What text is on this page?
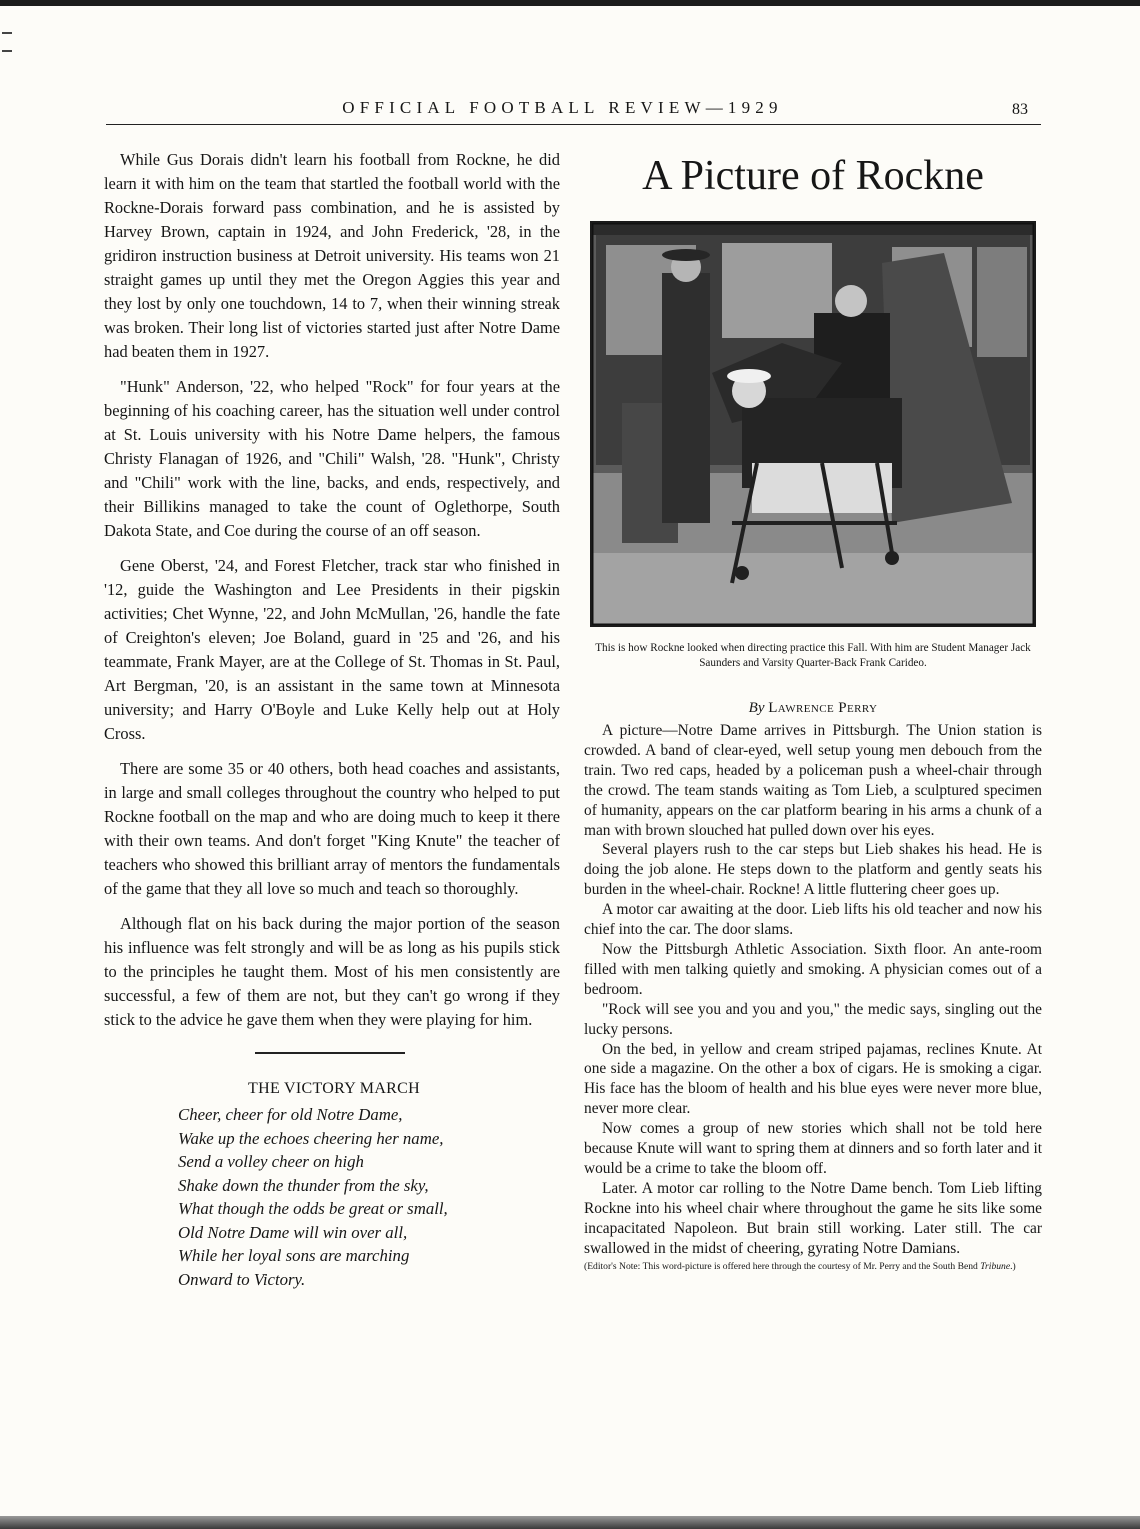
OFFICIAL FOOTBALL REVIEW—1929	83

While Gus Dorais didn't learn his football from Rockne, he did learn it with him on the team that startled the football world with the Rockne-Dorais forward pass combination, and he is assisted by Harvey Brown, captain in 1924, and John Frederick, '28, in the gridiron instruction business at Detroit university. His teams won 21 straight games up until they met the Oregon Aggies this year and they lost by only one touchdown, 14 to 7, when their winning streak was broken. Their long list of victories started just after Notre Dame had beaten them in 1927.

"Hunk" Anderson, '22, who helped "Rock" for four years at the beginning of his coaching career, has the situation well under control at St. Louis university with his Notre Dame helpers, the famous Christy Flanagan of 1926, and "Chili" Walsh, '28. "Hunk", Christy and "Chili" work with the line, backs, and ends, respectively, and their Billikins managed to take the count of Oglethorpe, South Dakota State, and Coe during the course of an off season.

Gene Oberst, '24, and Forest Fletcher, track star who finished in '12, guide the Washington and Lee Presidents in their pigskin activities; Chet Wynne, '22, and John McMullan, '26, handle the fate of Creighton's eleven; Joe Boland, guard in '25 and '26, and his teammate, Frank Mayer, are at the College of St. Thomas in St. Paul, Art Bergman, '20, is an assistant in the same town at Minnesota university; and Harry O'Boyle and Luke Kelly help out at Holy Cross.

There are some 35 or 40 others, both head coaches and assistants, in large and small colleges throughout the country who helped to put Rockne football on the map and who are doing much to keep it there with their own teams. And don't forget "King Knute" the teacher of teachers who showed this brilliant array of mentors the fundamentals of the game that they all love so much and teach so thoroughly.

Although flat on his back during the major portion of the season his influence was felt strongly and will be as long as his pupils stick to the principles he taught them. Most of his men consistently are successful, a few of them are not, but they can't go wrong if they stick to the advice he gave them when they were playing for him.

THE VICTORY MARCH
Cheer, cheer for old Notre Dame,
Wake up the echoes cheering her name,
Send a volley cheer on high
Shake down the thunder from the sky,
What though the odds be great or small,
Old Notre Dame will win over all,
While her loyal sons are marching
Onward to Victory.
A Picture of Rockne
This is how Rockne looked when directing practice this Fall. With him are Student Manager Jack Saunders and Varsity Quarter-Back Frank Carideo.
By Lawrence Perry

A picture—Notre Dame arrives in Pittsburgh. The Union station is crowded. A band of clear-eyed, well setup young men debouch from the train. Two red caps, headed by a policeman push a wheel-chair through the crowd. The team stands waiting as Tom Lieb, a sculptured specimen of humanity, appears on the car platform bearing in his arms a chunk of a man with brown slouched hat pulled down over his eyes.

Several players rush to the car steps but Lieb shakes his head. He is doing the job alone. He steps down to the platform and gently seats his burden in the wheel-chair. Rockne! A little fluttering cheer goes up.

A motor car awaiting at the door. Lieb lifts his old teacher and now his chief into the car. The door slams.

Now the Pittsburgh Athletic Association. Sixth floor. An ante-room filled with men talking quietly and smoking. A physician comes out of a bedroom.

"Rock will see you and you and you," the medic says, singling out the lucky persons.

On the bed, in yellow and cream striped pajamas, reclines Knute. At one side a magazine. On the other a box of cigars. He is smoking a cigar. His face has the bloom of health and his blue eyes were never more blue, never more clear.

Now comes a group of new stories which shall not be told here because Knute will want to spring them at dinners and so forth later and it would be a crime to take the bloom off.

Later. A motor car rolling to the Notre Dame bench. Tom Lieb lifting Rockne into his wheel chair where throughout the game he sits like some incapacitated Napoleon. But brain still working. Later still. The car swallowed in the midst of cheering, gyrating Notre Damians.

(Editor's Note: This word-picture is offered here through the courtesy of Mr. Perry and the South Bend Tribune.)
